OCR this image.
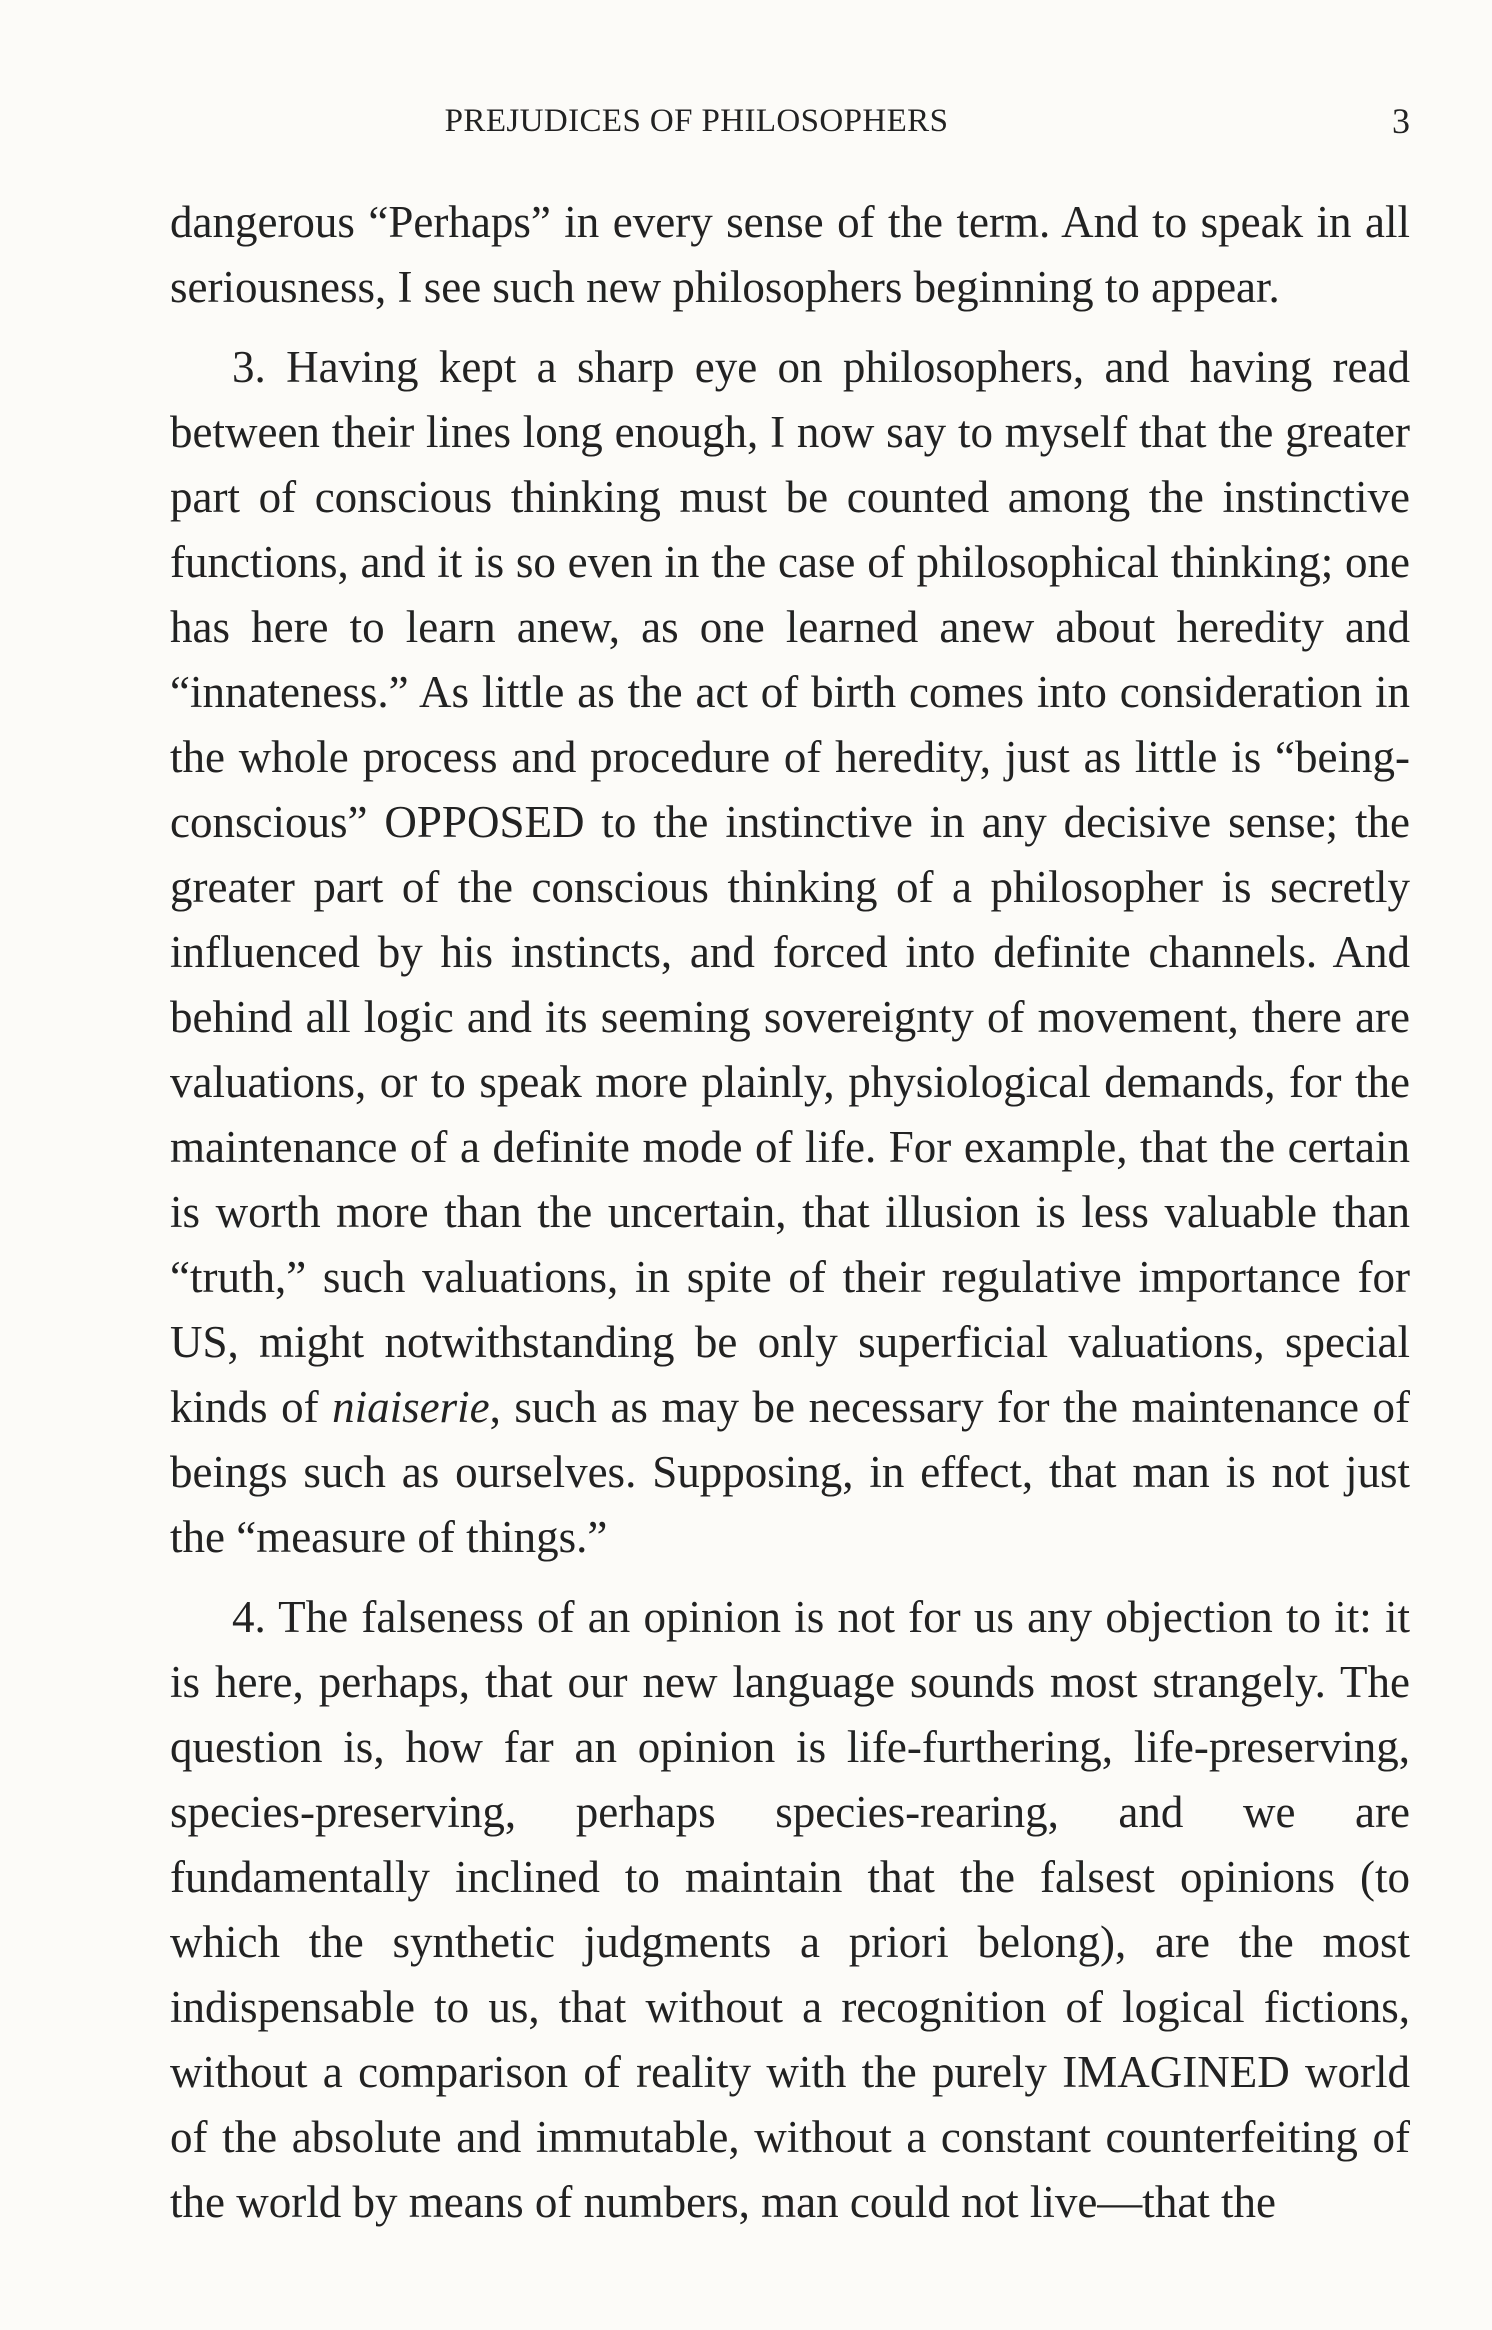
PREJUDICES OF PHILOSOPHERS	3

dangerous “Perhaps” in every sense of the term. And to speak in all seriousness, I see such new philosophers beginning to appear.

3. Having kept a sharp eye on philosophers, and having read between their lines long enough, I now say to myself that the greater part of conscious thinking must be counted among the instinctive functions, and it is so even in the case of philosophical thinking; one has here to learn anew, as one learned anew about heredity and “innateness.” As little as the act of birth comes into consideration in the whole process and procedure of heredity, just as little is “being-conscious” OPPOSED to the instinctive in any decisive sense; the greater part of the conscious thinking of a philosopher is secretly influenced by his instincts, and forced into definite channels. And behind all logic and its seeming sovereignty of movement, there are valuations, or to speak more plainly, physiological demands, for the maintenance of a definite mode of life. For example, that the certain is worth more than the uncertain, that illusion is less valuable than “truth,” such valuations, in spite of their regulative importance for US, might notwithstanding be only superficial valuations, special kinds of niaiserie, such as may be necessary for the maintenance of beings such as ourselves. Supposing, in effect, that man is not just the “measure of things.”

4. The falseness of an opinion is not for us any objection to it: it is here, perhaps, that our new language sounds most strangely. The question is, how far an opinion is life-furthering, life-preserving, species-preserving, perhaps species-rearing, and we are fundamentally inclined to maintain that the falsest opinions (to which the synthetic judgments a priori belong), are the most indispensable to us, that without a recognition of logical fictions, without a comparison of reality with the purely IMAGINED world of the absolute and immutable, without a constant counterfeiting of the world by means of numbers, man could not live—that the
